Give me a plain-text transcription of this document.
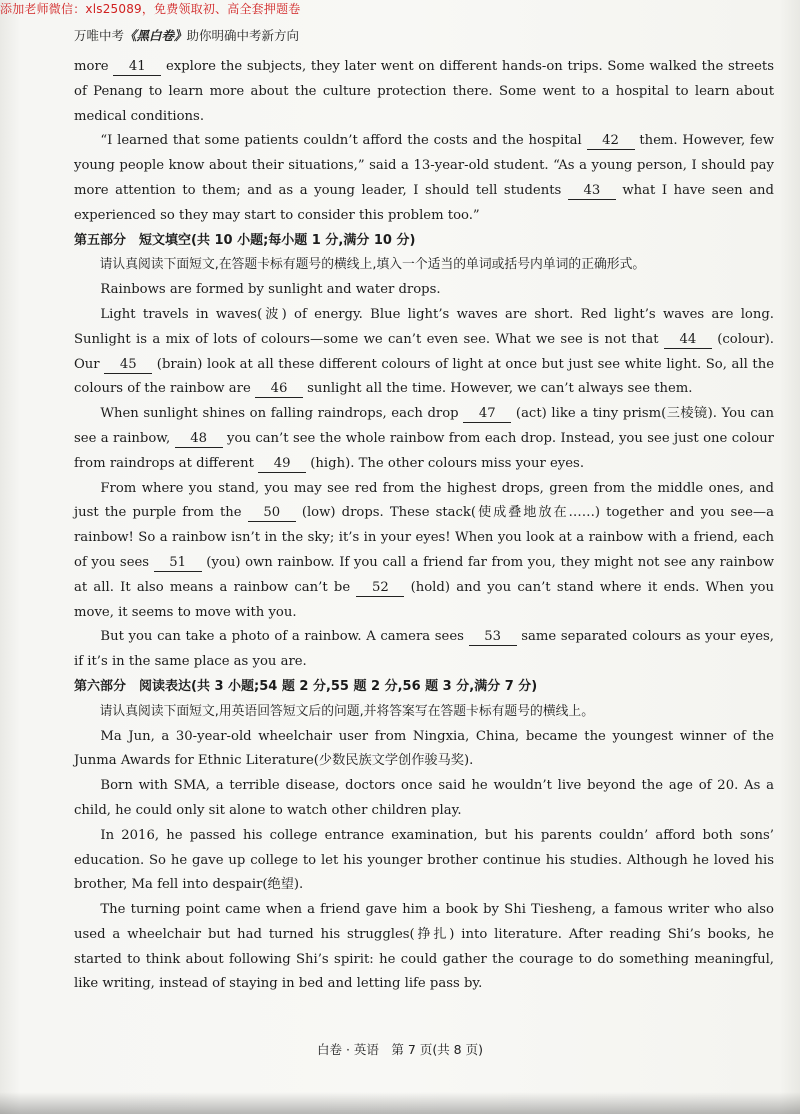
添加老师微信：xls25089，免费领取初、高全套押题卷
万唯中考《黑白卷》助你明确中考新方向

more 41 explore the subjects, they later went on different hands-on trips. Some walked the streets of Penang to learn more about the culture protection there. Some went to a hospital to learn about medical conditions.

“I learned that some patients couldn’t afford the costs and the hospital 42 them. However, few young people know about their situations,” said a 13-year-old student. “As a young person, I should pay more attention to them; and as a young leader, I should tell students 43 what I have seen and experienced so they may start to consider this problem too.”

第五部分　短文填空(共 10 小题;每小题 1 分,满分 10 分)

请认真阅读下面短文,在答题卡标有题号的横线上,填入一个适当的单词或括号内单词的正确形式。

Rainbows are formed by sunlight and water drops.

Light travels in waves(波) of energy. Blue light’s waves are short. Red light’s waves are long. Sunlight is a mix of lots of colours—some we can’t even see. What we see is not that 44 (colour). Our 45 (brain) look at all these different colours of light at once but just see white light. So, all the colours of the rainbow are 46 sunlight all the time. However, we can’t always see them.

When sunlight shines on falling raindrops, each drop 47 (act) like a tiny prism(三棱镜). You can see a rainbow, 48 you can’t see the whole rainbow from each drop. Instead, you see just one colour from raindrops at different 49 (high). The other colours miss your eyes.

From where you stand, you may see red from the highest drops, green from the middle ones, and just the purple from the 50 (low) drops. These stack(使成叠地放在……) together and you see—a rainbow! So a rainbow isn’t in the sky; it’s in your eyes! When you look at a rainbow with a friend, each of you sees 51 (you) own rainbow. If you call a friend far from you, they might not see any rainbow at all. It also means a rainbow can’t be 52 (hold) and you can’t stand where it ends. When you move, it seems to move with you.

But you can take a photo of a rainbow. A camera sees 53 same separated colours as your eyes, if it’s in the same place as you are.

第六部分　阅读表达(共 3 小题;54 题 2 分,55 题 2 分,56 题 3 分,满分 7 分)

请认真阅读下面短文,用英语回答短文后的问题,并将答案写在答题卡标有题号的横线上。

Ma Jun, a 30-year-old wheelchair user from Ningxia, China, became the youngest winner of the Junma Awards for Ethnic Literature(少数民族文学创作骏马奖).

Born with SMA, a terrible disease, doctors once said he wouldn’t live beyond the age of 20. As a child, he could only sit alone to watch other children play.

In 2016, he passed his college entrance examination, but his parents couldn’ afford both sons’ education. So he gave up college to let his younger brother continue his studies. Although he loved his brother, Ma fell into despair(绝望).

The turning point came when a friend gave him a book by Shi Tiesheng, a famous writer who also used a wheelchair but had turned his struggles(挣扎) into literature. After reading Shi’s books, he started to think about following Shi’s spirit: he could gather the courage to do something meaningful, like writing, instead of staying in bed and letting life pass by.

白卷 · 英语　第 7 页(共 8 页)
